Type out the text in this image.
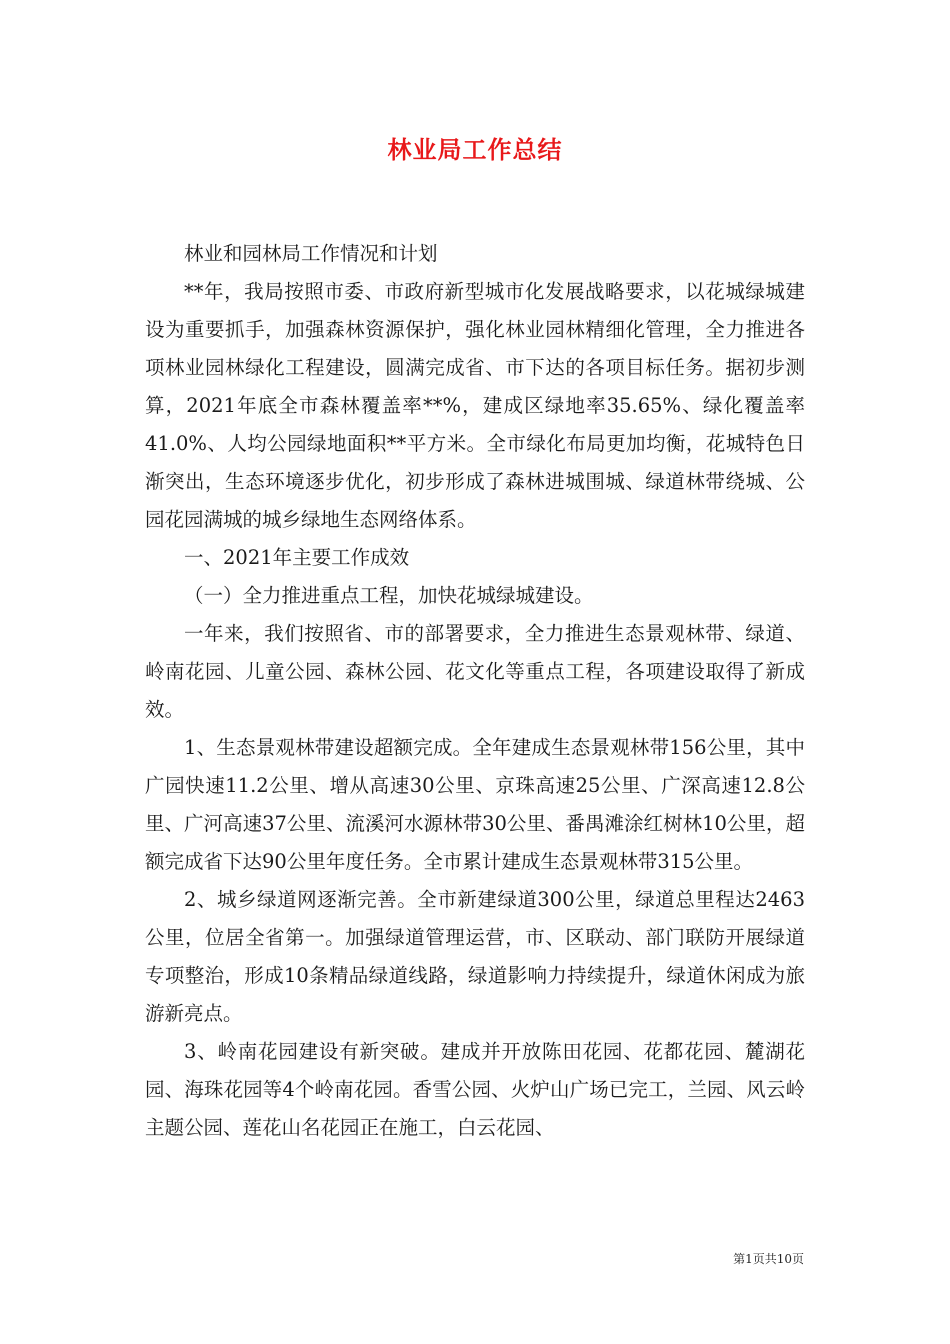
林业局工作总结

林业和园林局工作情况和计划

**年，我局按照市委、市政府新型城市化发展战略要求，以花城绿城建设为重要抓手，加强森林资源保护，强化林业园林精细化管理，全力推进各项林业园林绿化工程建设，圆满完成省、市下达的各项目标任务。据初步测算，2021年底全市森林覆盖率**%，建成区绿地率35.65%、绿化覆盖率41.0%、人均公园绿地面积**平方米。全市绿化布局更加均衡，花城特色日渐突出，生态环境逐步优化，初步形成了森林进城围城、绿道林带绕城、公园花园满城的城乡绿地生态网络体系。

一、2021年主要工作成效

（一）全力推进重点工程，加快花城绿城建设。

一年来，我们按照省、市的部署要求，全力推进生态景观林带、绿道、岭南花园、儿童公园、森林公园、花文化等重点工程，各项建设取得了新成效。

1、生态景观林带建设超额完成。全年建成生态景观林带156公里，其中广园快速11.2公里、增从高速30公里、京珠高速25公里、广深高速12.8公里、广河高速37公里、流溪河水源林带30公里、番禺滩涂红树林10公里，超额完成省下达90公里年度任务。全市累计建成生态景观林带315公里。

2、城乡绿道网逐渐完善。全市新建绿道300公里，绿道总里程达2463公里，位居全省第一。加强绿道管理运营，市、区联动、部门联防开展绿道专项整治，形成10条精品绿道线路，绿道影响力持续提升，绿道休闲成为旅游新亮点。

3、岭南花园建设有新突破。建成并开放陈田花园、花都花园、麓湖花园、海珠花园等4个岭南花园。香雪公园、火炉山广场已完工，兰园、风云岭主题公园、莲花山名花园正在施工，白云花园、

第1页共10页
